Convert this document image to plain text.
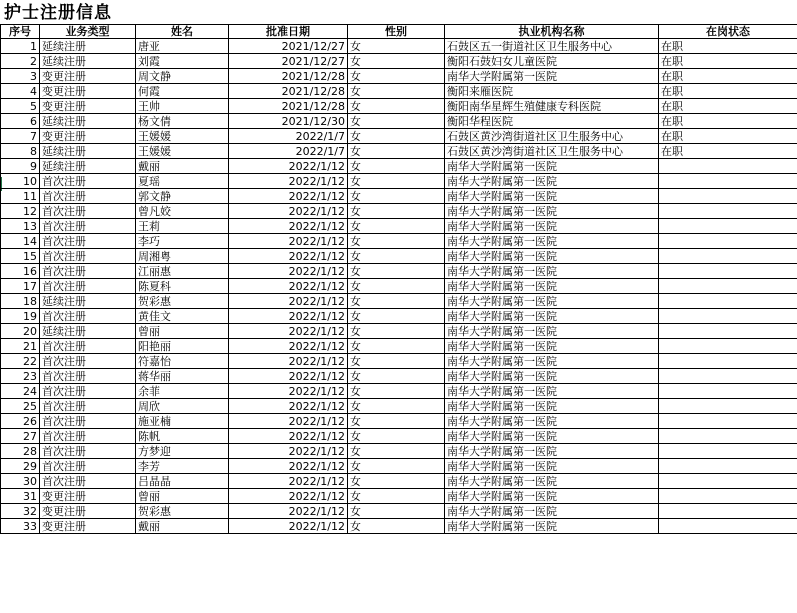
护士注册信息
序号	业务类型	姓名	批准日期	性别	执业机构名称	在岗状态
1	延续注册	唐亚	2021/12/27	女	石鼓区五一街道社区卫生服务中心	在职
2	延续注册	刘霞	2021/12/27	女	衡阳石鼓妇女儿童医院	在职
3	变更注册	周文静	2021/12/28	女	南华大学附属第一医院	在职
4	变更注册	何霞	2021/12/28	女	衡阳来雁医院	在职
5	变更注册	王帅	2021/12/28	女	衡阳南华星辉生殖健康专科医院	在职
6	延续注册	杨文倩	2021/12/30	女	衡阳华程医院	在职
7	变更注册	王媛媛	2022/1/7	女	石鼓区黄沙湾街道社区卫生服务中心	在职
8	延续注册	王媛媛	2022/1/7	女	石鼓区黄沙湾街道社区卫生服务中心	在职
9	延续注册	戴丽	2022/1/12	女	南华大学附属第一医院	
10	首次注册	夏瑶	2022/1/12	女	南华大学附属第一医院	
11	首次注册	郭文静	2022/1/12	女	南华大学附属第一医院	
12	首次注册	曾凡姣	2022/1/12	女	南华大学附属第一医院	
13	首次注册	王莉	2022/1/12	女	南华大学附属第一医院	
14	首次注册	李巧	2022/1/12	女	南华大学附属第一医院	
15	首次注册	周湘粤	2022/1/12	女	南华大学附属第一医院	
16	首次注册	江丽惠	2022/1/12	女	南华大学附属第一医院	
17	首次注册	陈夏科	2022/1/12	女	南华大学附属第一医院	
18	延续注册	贺彩惠	2022/1/12	女	南华大学附属第一医院	
19	首次注册	黄佳文	2022/1/12	女	南华大学附属第一医院	
20	延续注册	曾丽	2022/1/12	女	南华大学附属第一医院	
21	首次注册	阳艳丽	2022/1/12	女	南华大学附属第一医院	
22	首次注册	符嘉怡	2022/1/12	女	南华大学附属第一医院	
23	首次注册	蒋华丽	2022/1/12	女	南华大学附属第一医院	
24	首次注册	余菲	2022/1/12	女	南华大学附属第一医院	
25	首次注册	周欣	2022/1/12	女	南华大学附属第一医院	
26	首次注册	施亚楠	2022/1/12	女	南华大学附属第一医院	
27	首次注册	陈帆	2022/1/12	女	南华大学附属第一医院	
28	首次注册	方梦迎	2022/1/12	女	南华大学附属第一医院	
29	首次注册	李芳	2022/1/12	女	南华大学附属第一医院	
30	首次注册	吕晶晶	2022/1/12	女	南华大学附属第一医院	
31	变更注册	曾丽	2022/1/12	女	南华大学附属第一医院	
32	变更注册	贺彩惠	2022/1/12	女	南华大学附属第一医院	
33	变更注册	戴丽	2022/1/12	女	南华大学附属第一医院	
